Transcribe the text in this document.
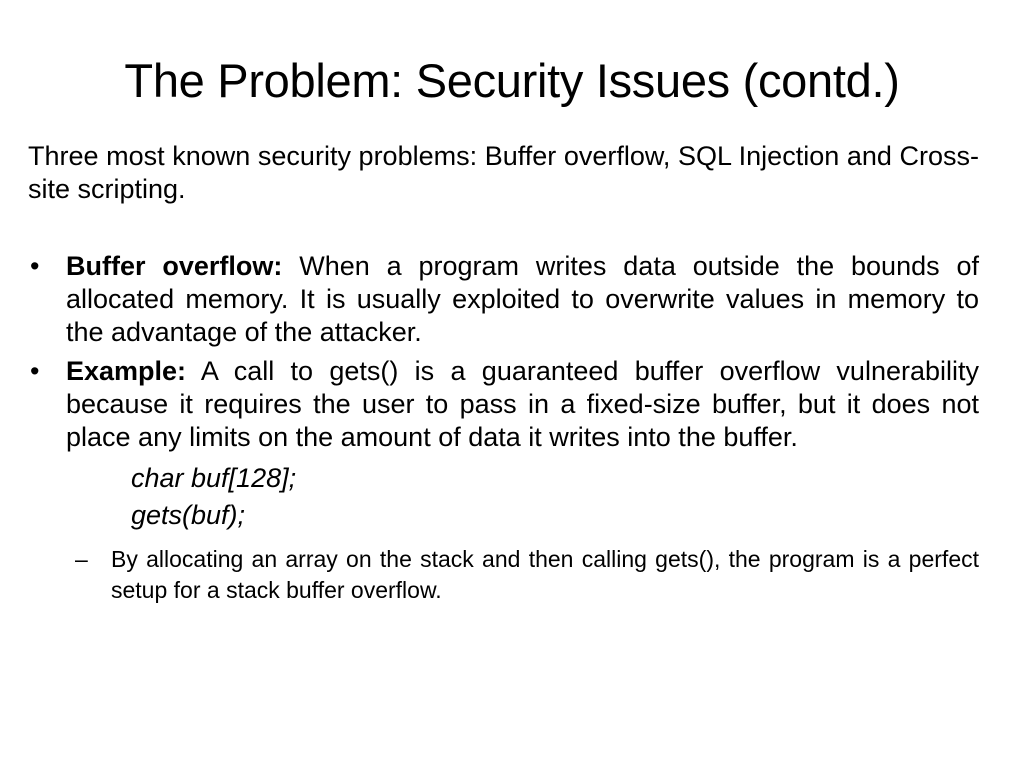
The Problem: Security Issues (contd.)

Three most known security problems: Buffer overflow, SQL Injection and Cross-site scripting.

• Buffer overflow: When a program writes data outside the bounds of allocated memory. It is usually exploited to overwrite values in memory to the advantage of the attacker.

• Example: A call to gets() is a guaranteed buffer overflow vulnerability because it requires the user to pass in a fixed-size buffer, but it does not place any limits on the amount of data it writes into the buffer.

char buf[128];

gets(buf);

– By allocating an array on the stack and then calling gets(), the program is a perfect setup for a stack buffer overflow.
